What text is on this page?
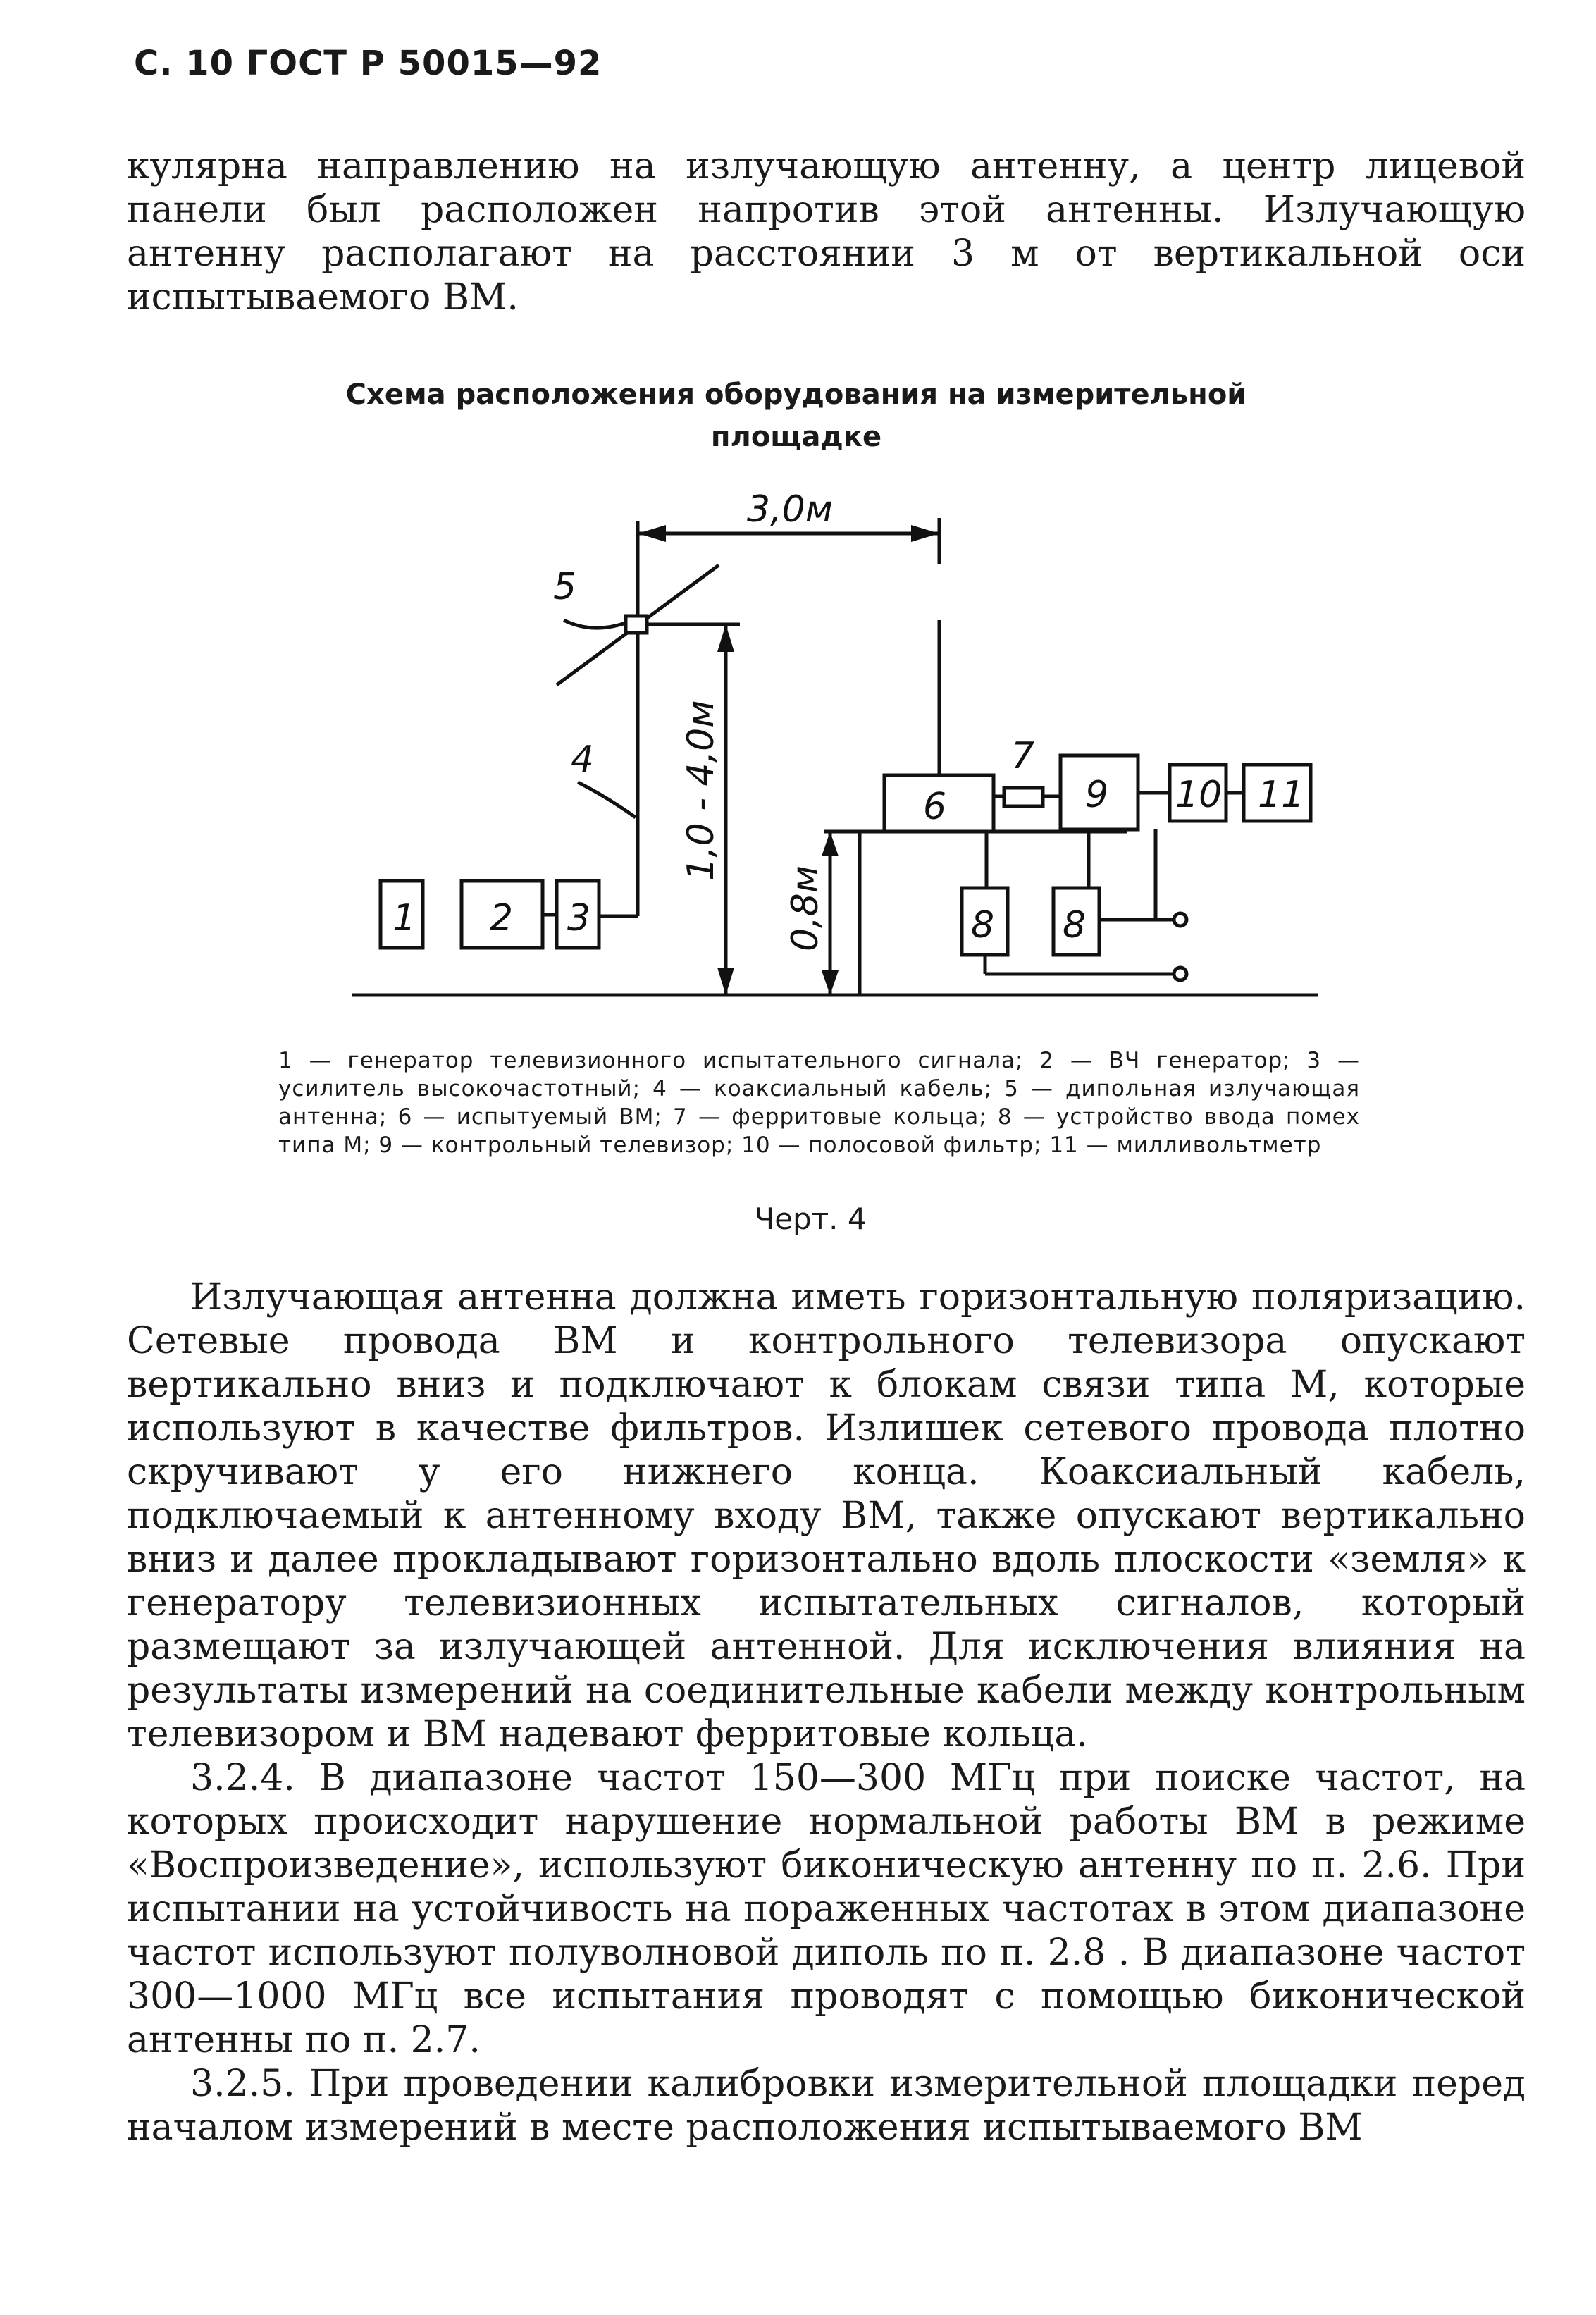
С. 10 ГОСТ Р 50015—92

кулярна направлению на излучающую антенну, а центр лицевой панели был расположен напротив этой антенны. Излучающую антенну располагают на расстоянии 3 м от вертикальной оси испытываемого ВМ.

Схема расположения оборудования на измерительной
площадке
3,0м
5
4 1,0 - 4,0м
0,8м
1 2 3
6
7
9 10 11
8 8
1 — генератор телевизионного испытательного сигнала; 2 — ВЧ генератор; 3 — усилитель высокочастотный; 4 — коаксиальный кабель; 5 — дипольная излучающая антенна; 6 — испытуемый ВМ; 7 — ферритовые кольца; 8 — устройство ввода помех типа М; 9 — контрольный телевизор; 10 — полосовой фильтр; 11 — милливольтметр
Черт. 4

Излучающая антенна должна иметь горизонтальную поляризацию. Сетевые провода ВМ и контрольного телевизора опускают вертикально вниз и подключают к блокам связи типа М, которые используют в качестве фильтров. Излишек сетевого провода плотно скручивают у его нижнего конца. Коаксиальный кабель, подключаемый к антенному входу ВМ, также опускают вертикально вниз и далее прокладывают горизонтально вдоль плоскости «земля» к генератору телевизионных испытательных сигналов, который размещают за излучающей антенной. Для исключения влияния на результаты измерений на соединительные кабели между контрольным телевизором и ВМ надевают ферритовые кольца.

3.2.4. В диапазоне частот 150—300 МГц при поиске частот, на которых происходит нарушение нормальной работы ВМ в режиме «Воспроизведение», используют биконическую антенну по п. 2.6. При испытании на устойчивость на пораженных частотах в этом диапазоне частот используют полуволновой диполь по п. 2.8 . В диапазоне частот 300—1000 МГц все испытания проводят с помощью биконической антенны по п. 2.7.

3.2.5. При проведении калибровки измерительной площадки перед началом измерений в месте расположения испытываемого ВМ
